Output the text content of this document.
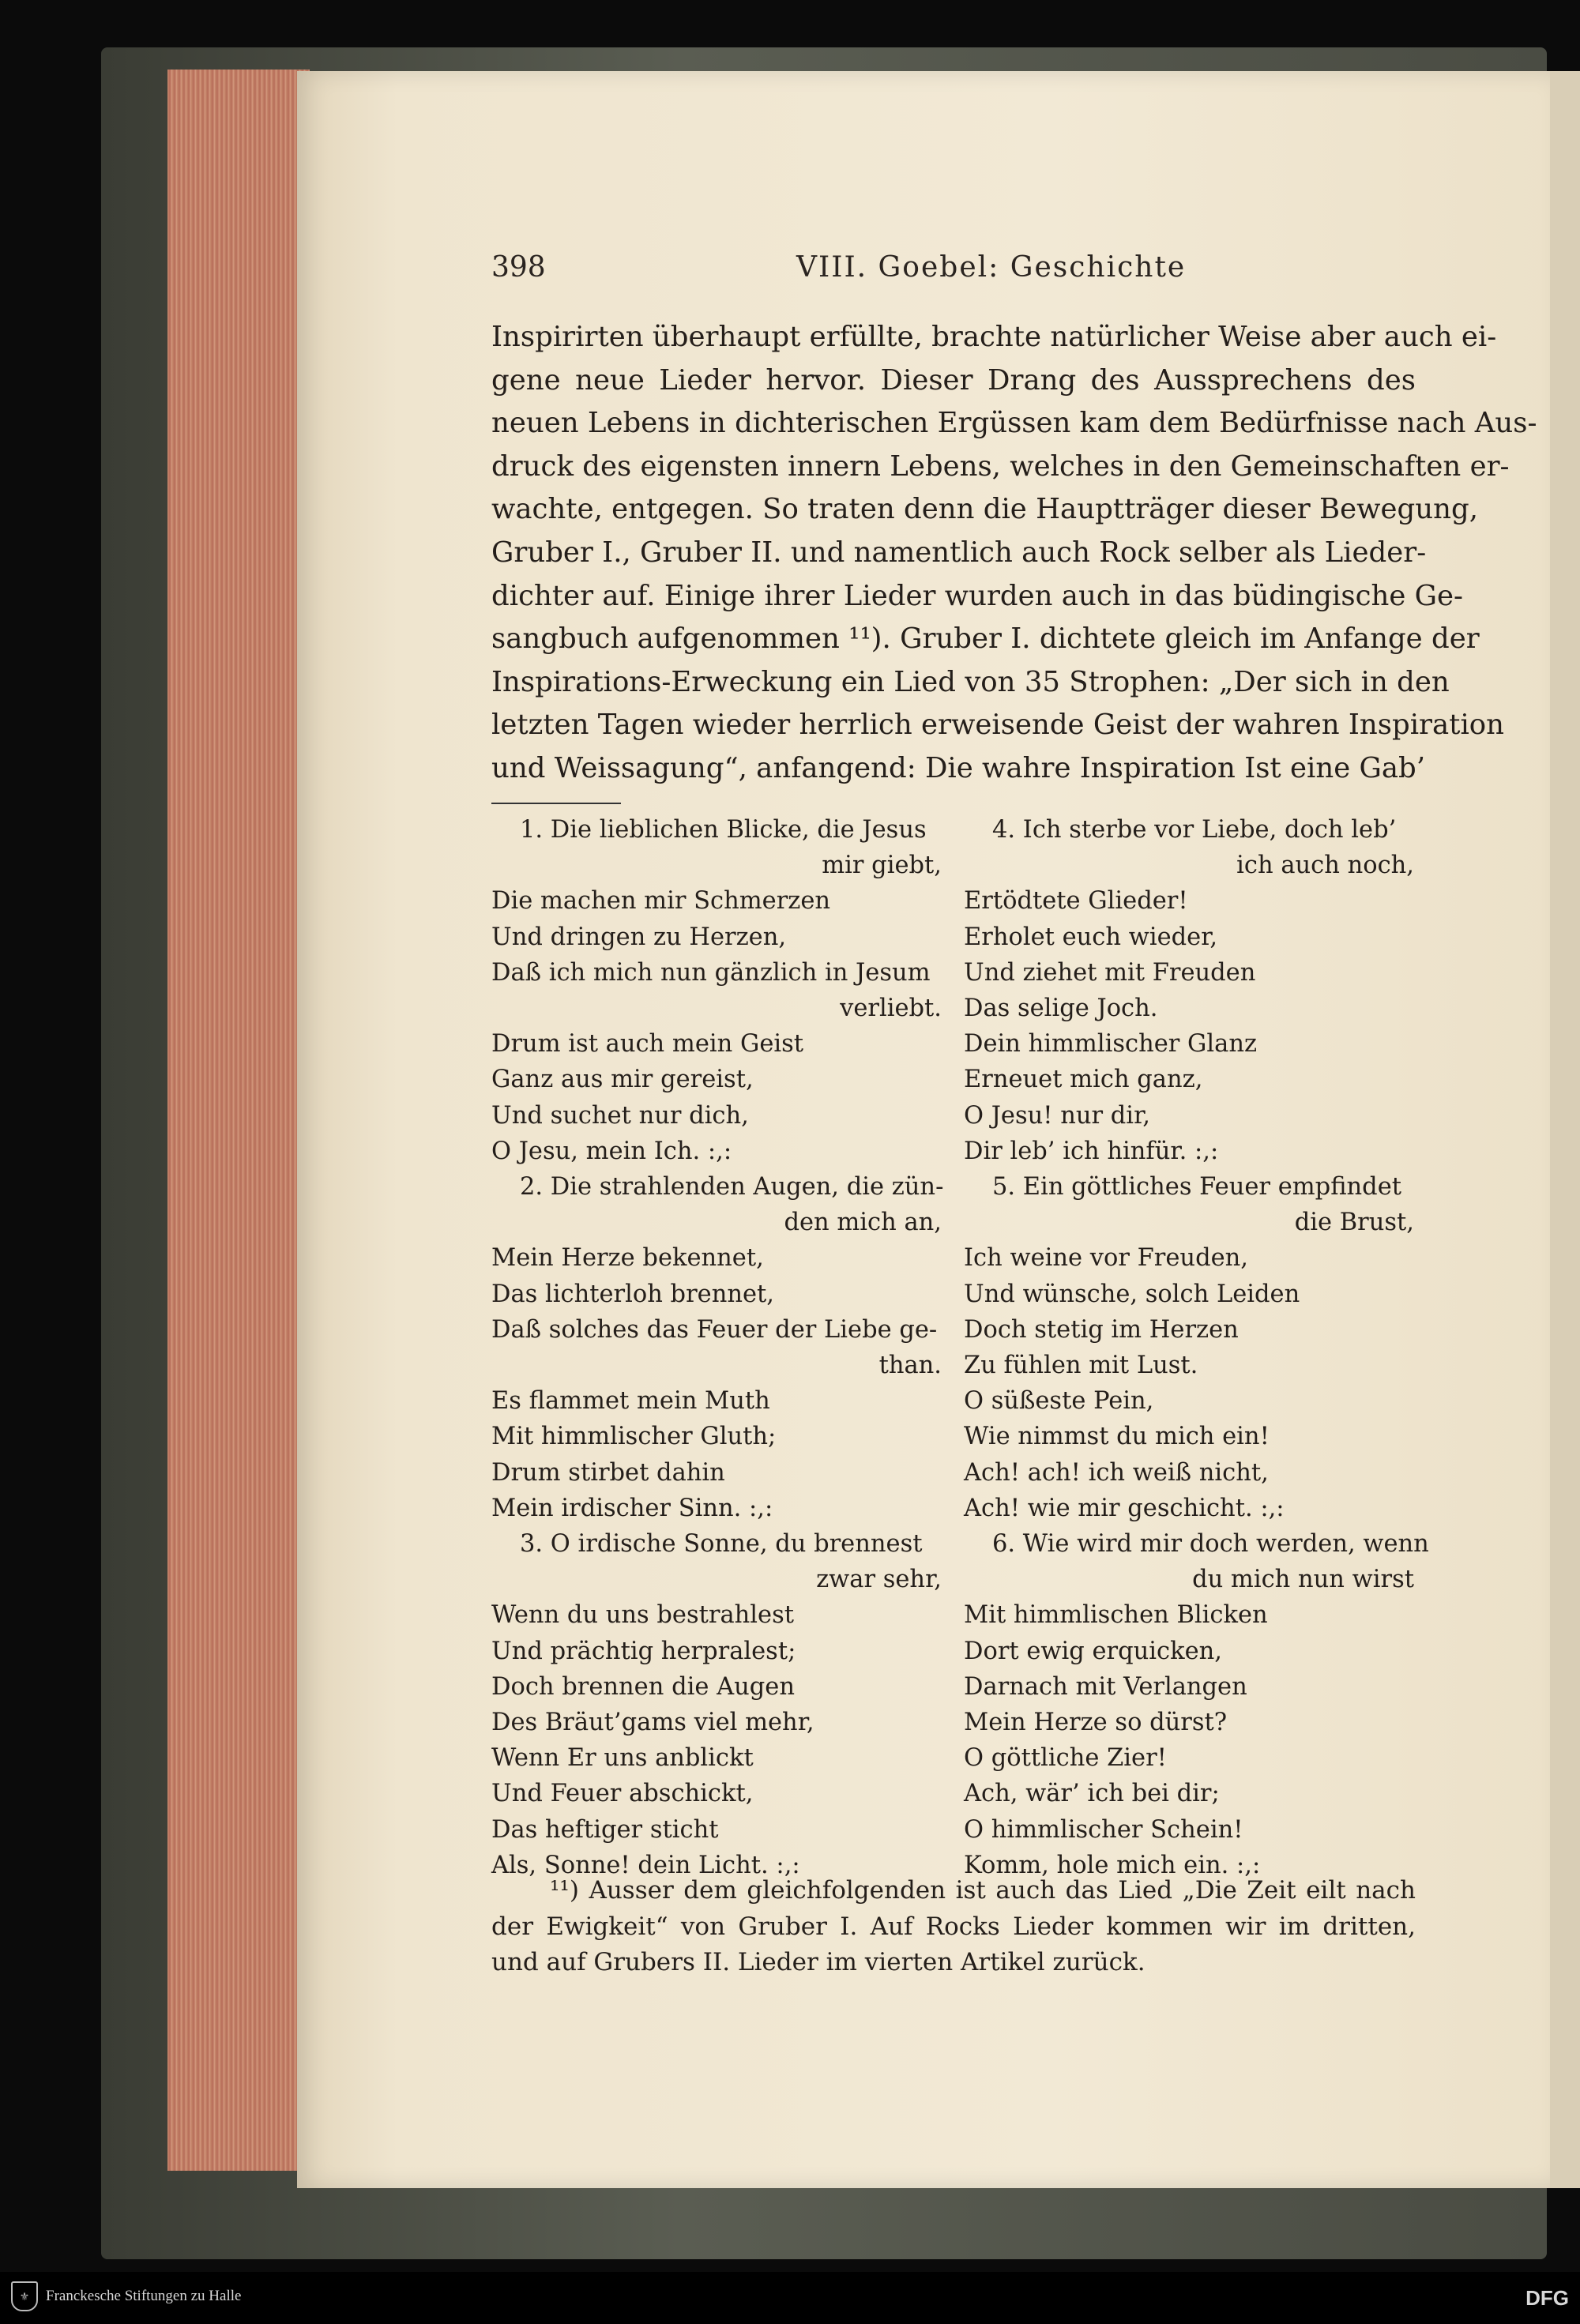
398	VIII. Goebel: Geschichte
Inspirirten überhaupt erfüllte, brachte natürlicher Weise aber auch ei-
gene neue Lieder hervor. Dieser Drang des Aussprechens des
neuen Lebens in dichterischen Ergüssen kam dem Bedürfnisse nach Aus-
druck des eigensten innern Lebens, welches in den Gemeinschaften er-
wachte, entgegen. So traten denn die Hauptträger dieser Bewegung,
Gruber I., Gruber II. und namentlich auch Rock selber als Lieder-
dichter auf. Einige ihrer Lieder wurden auch in das büdingische Ge-
sangbuch aufgenommen ¹¹). Gruber I. dichtete gleich im Anfange der
Inspirations-Erweckung ein Lied von 35 Strophen: „Der sich in den
letzten Tagen wieder herrlich erweisende Geist der wahren Inspiration
und Weissagung“, anfangend: Die wahre Inspiration Ist eine Gab’
1. Die lieblichen Blicke, die Jesus
mir giebt,
Die machen mir Schmerzen
Und dringen zu Herzen,
Daß ich mich nun gänzlich in Jesum
verliebt.
Drum ist auch mein Geist
Ganz aus mir gereist,
Und suchet nur dich,
O Jesu, mein Ich. :,:
2. Die strahlenden Augen, die zün-
den mich an,
Mein Herze bekennet,
Das lichterloh brennet,
Daß solches das Feuer der Liebe ge-
than.
Es flammet mein Muth
Mit himmlischer Gluth;
Drum stirbet dahin
Mein irdischer Sinn. :,:
3. O irdische Sonne, du brennest
zwar sehr,
Wenn du uns bestrahlest
Und prächtig herpralest;
Doch brennen die Augen
Des Bräut’gams viel mehr,
Wenn Er uns anblickt
Und Feuer abschickt,
Das heftiger sticht
Als, Sonne! dein Licht. :,:
4. Ich sterbe vor Liebe, doch leb’
ich auch noch,
Ertödtete Glieder!
Erholet euch wieder,
Und ziehet mit Freuden
Das selige Joch.
Dein himmlischer Glanz
Erneuet mich ganz,
O Jesu! nur dir,
Dir leb’ ich hinfür. :,:
5. Ein göttliches Feuer empfindet
die Brust,
Ich weine vor Freuden,
Und wünsche, solch Leiden
Doch stetig im Herzen
Zu fühlen mit Lust.
O süßeste Pein,
Wie nimmst du mich ein!
Ach! ach! ich weiß nicht,
Ach! wie mir geschicht. :,:
6. Wie wird mir doch werden, wenn
du mich nun wirst
Mit himmlischen Blicken
Dort ewig erquicken,
Darnach mit Verlangen
Mein Herze so dürst?
O göttliche Zier!
Ach, wär’ ich bei dir;
O himmlischer Schein!
Komm, hole mich ein. :,:
¹¹) Ausser dem gleichfolgenden ist auch das Lied „Die Zeit eilt nach
der Ewigkeit“ von Gruber I. Auf Rocks Lieder kommen wir im dritten,
und auf Grubers II. Lieder im vierten Artikel zurück.
⚜	Franckesche Stiftungen zu Halle	DFG
